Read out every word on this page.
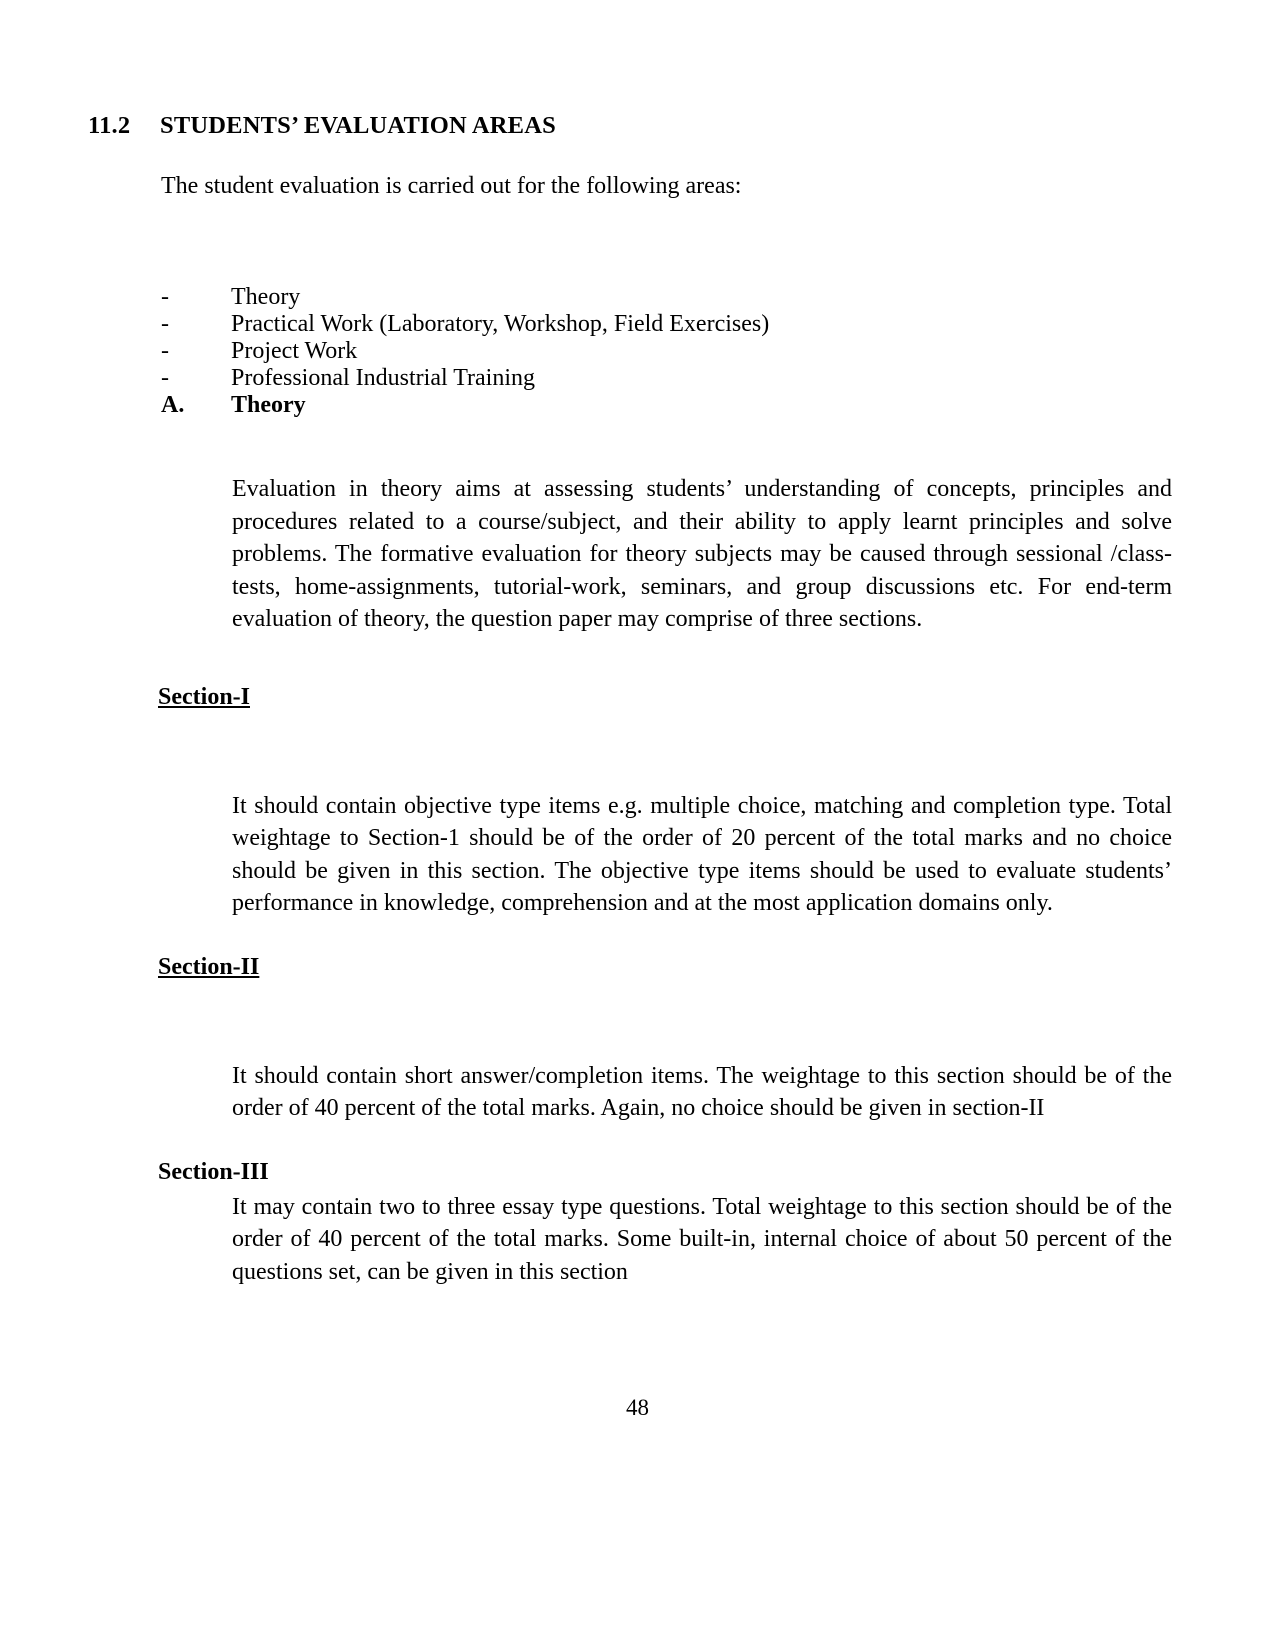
11.2	STUDENTS’ EVALUATION AREAS

The student evaluation is carried out for the following areas:

-	Theory
-	Practical Work (Laboratory, Workshop, Field Exercises)
-	Project Work
-	Professional Industrial Training
A.	Theory

Evaluation in theory aims at assessing students’ understanding of concepts, principles and procedures related to a course/subject, and their ability to apply learnt principles and solve problems. The formative evaluation for theory subjects may be caused through sessional /class-tests, home-assignments, tutorial-work, seminars, and group discussions etc. For end-term evaluation of theory, the question paper may comprise of three sections.

Section-I

It should contain objective type items e.g. multiple choice, matching and completion type. Total weightage to Section-1 should be of the order of 20 percent of the total marks and no choice should be given in this section. The objective type items should be used to evaluate students’ performance in knowledge, comprehension and at the most application domains only.

Section-II

It should contain short answer/completion items. The weightage to this section should be of the order of 40 percent of the total marks. Again, no choice should be given in section-II

Section-III

It may contain two to three essay type questions. Total weightage to this section should be of the order of 40 percent of the total marks. Some built-in, internal choice of about 50 percent of the questions set, can be given in this section

48
